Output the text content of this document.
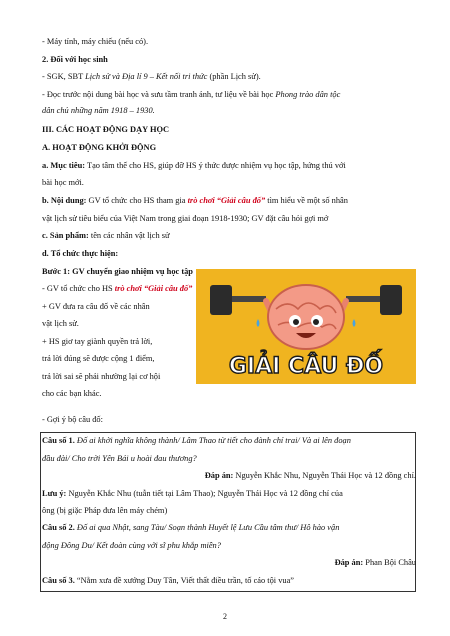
- Máy tính, máy chiếu (nếu có).
2. Đối với học sinh
- SGK, SBT Lịch sử và Địa lí 9 – Kết nối tri thức (phần Lịch sử).
- Đọc trước nội dung bài học và sưu tầm tranh ảnh, tư liệu về bài học Phong trào dân tộc
dân chủ những năm 1918 – 1930.
III. CÁC HOẠT ĐỘNG DẠY HỌC
A. HOẠT ĐỘNG KHỞI ĐỘNG
a. Mục tiêu: Tạo tâm thế cho HS, giúp đỡ HS ý thức được nhiệm vụ học tập, hứng thú với
bài học mới.
b. Nội dung: GV tổ chức cho HS tham gia trò chơi “Giải câu đố” tìm hiểu về một số nhân
vật lịch sử tiêu biểu của Việt Nam trong giai đoạn 1918-1930; GV đặt câu hỏi gợi mở
c. Sản phẩm: tên các nhân vật lịch sử
d. Tổ chức thực hiện:
Bước 1: GV chuyển giao nhiệm vụ học tập
- GV tổ chức cho HS trò chơi “Giải câu đố”
+ GV đưa ra câu đố về các nhân
vật lịch sử.
+ HS giơ tay giành quyền trả lời,
trả lời đúng sẽ được cộng 1 điểm,
trả lời sai sẽ phải nhường lại cơ hội
cho các bạn khác.
- Gợi ý bộ câu đố:
GIẢI CÂU ĐỐ
Câu số 1. Đố ai khởi nghĩa không thành/ Lâm Thao từ tiết cho đành chí trai/ Và ai lên đoạn
đầu đài/ Cho trời Yên Bái u hoài đau thương?
Đáp án: Nguyễn Khắc Nhu, Nguyễn Thái Học và 12 đồng chí.
Lưu ý: Nguyễn Khắc Nhu (tuẫn tiết tại Lâm Thao); Nguyễn Thái Học và 12 đồng chí của
ông (bị giặc Pháp đưa lên máy chém)
Câu số 2. Đố ai qua Nhật, sang Tàu/ Soạn thành Huyết lệ Lưu Cầu tâm thư/ Hô hào vận
động Đông Du/ Kết đoàn cùng với sĩ phu khắp miền?
Đáp án: Phan Bội Châu
Câu số 3. “Nằm xưa đề xướng Duy Tân, Viết thất điều trần, tố cáo tội vua”
2
